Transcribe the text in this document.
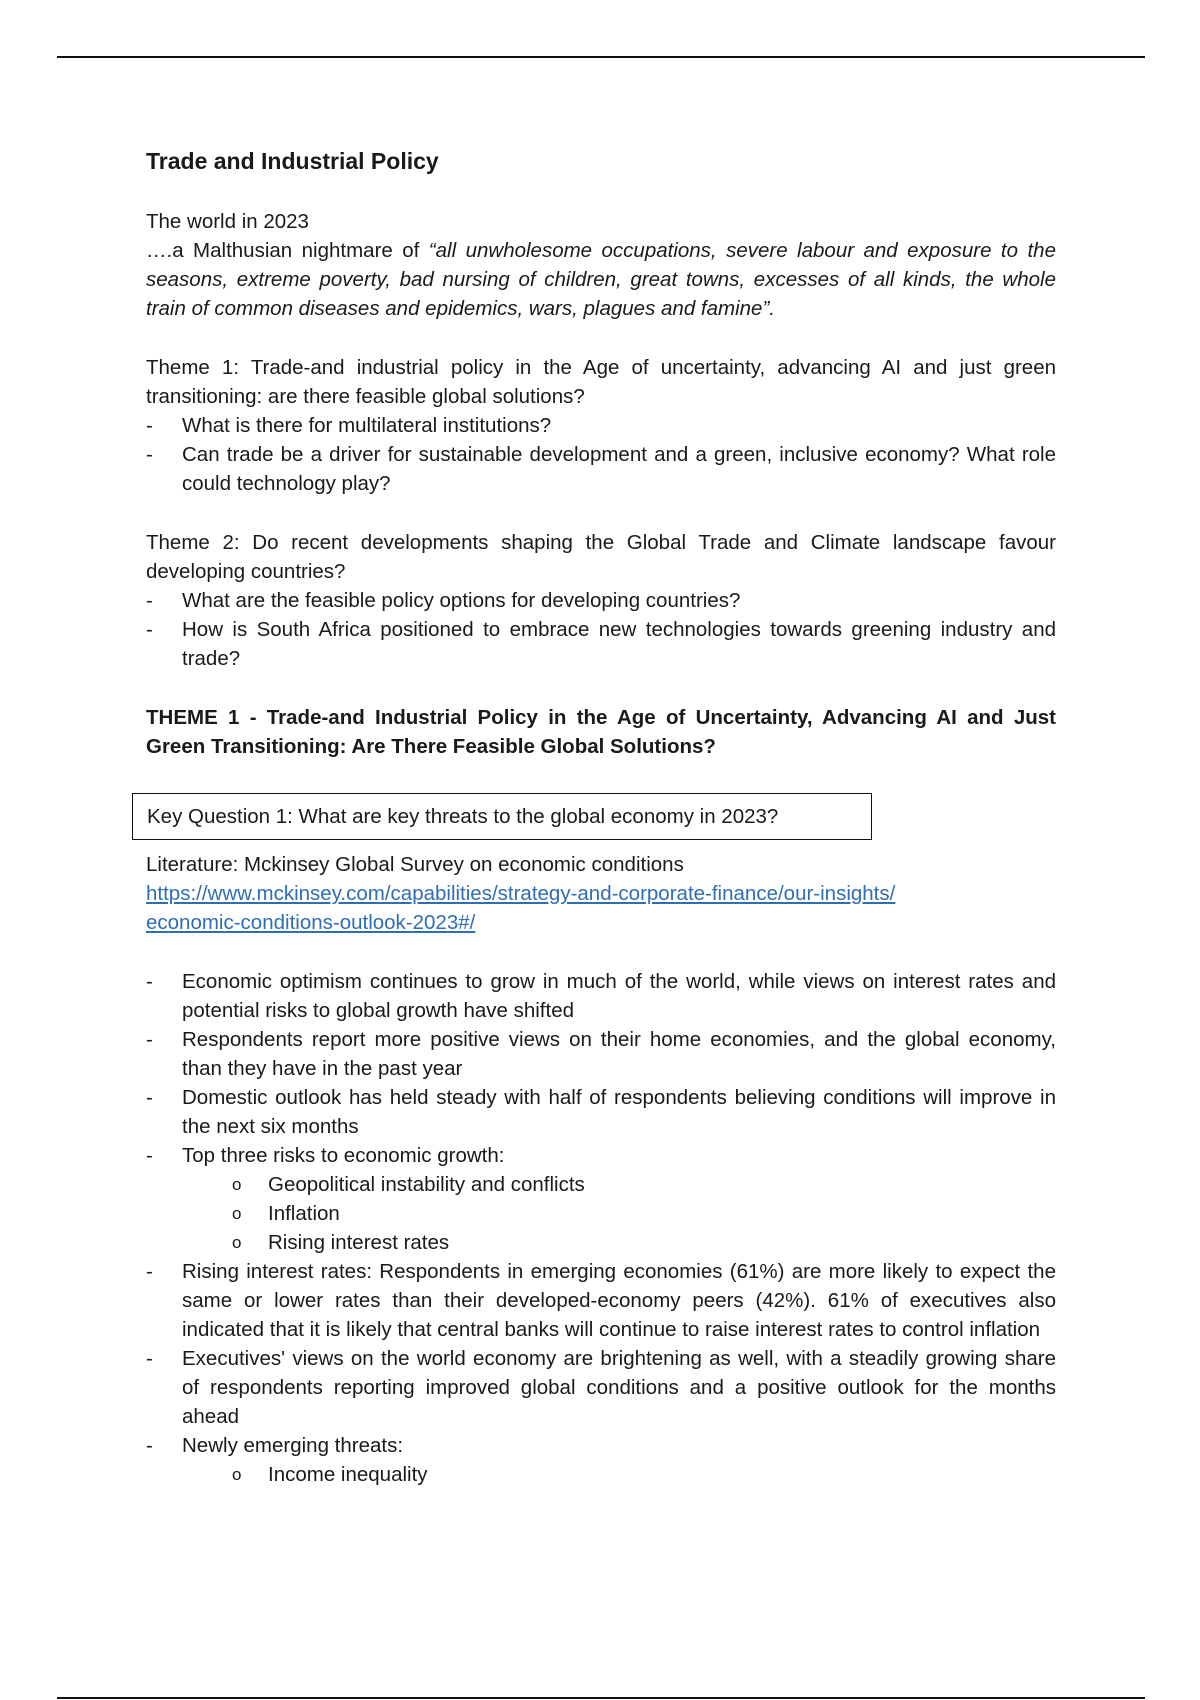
Trade and Industrial Policy

The world in 2023

….a Malthusian nightmare of “all unwholesome occupations, severe labour and exposure to the seasons, extreme poverty, bad nursing of children, great towns, excesses of all kinds, the whole train of common diseases and epidemics, wars, plagues and famine”.

Theme 1: Trade-and industrial policy in the Age of uncertainty, advancing AI and just green transitioning: are there feasible global solutions?

- What is there for multilateral institutions?
- Can trade be a driver for sustainable development and a green, inclusive economy? What role could technology play?

Theme 2: Do recent developments shaping the Global Trade and Climate landscape favour developing countries?

- What are the feasible policy options for developing countries?
- How is South Africa positioned to embrace new technologies towards greening industry and trade?

THEME 1 - Trade-and Industrial Policy in the Age of Uncertainty, Advancing AI and Just Green Transitioning: Are There Feasible Global Solutions?

Key Question 1: What are key threats to the global economy in 2023?

Literature: Mckinsey Global Survey on economic conditions

https://www.mckinsey.com/capabilities/strategy-and-corporate-finance/our-insights/
economic-conditions-outlook-2023#/

- Economic optimism continues to grow in much of the world, while views on interest rates and potential risks to global growth have shifted
- Respondents report more positive views on their home economies, and the global economy, than they have in the past year
- Domestic outlook has held steady with half of respondents believing conditions will improve in the next six months
- Top three risks to economic growth:
o Geopolitical instability and conflicts
o Inflation
o Rising interest rates
- Rising interest rates: Respondents in emerging economies (61%) are more likely to expect the same or lower rates than their developed-economy peers (42%). 61% of executives also indicated that it is likely that central banks will continue to raise interest rates to control inflation
- Executives' views on the world economy are brightening as well, with a steadily growing share of respondents reporting improved global conditions and a positive outlook for the months ahead
- Newly emerging threats:
o Income inequality
